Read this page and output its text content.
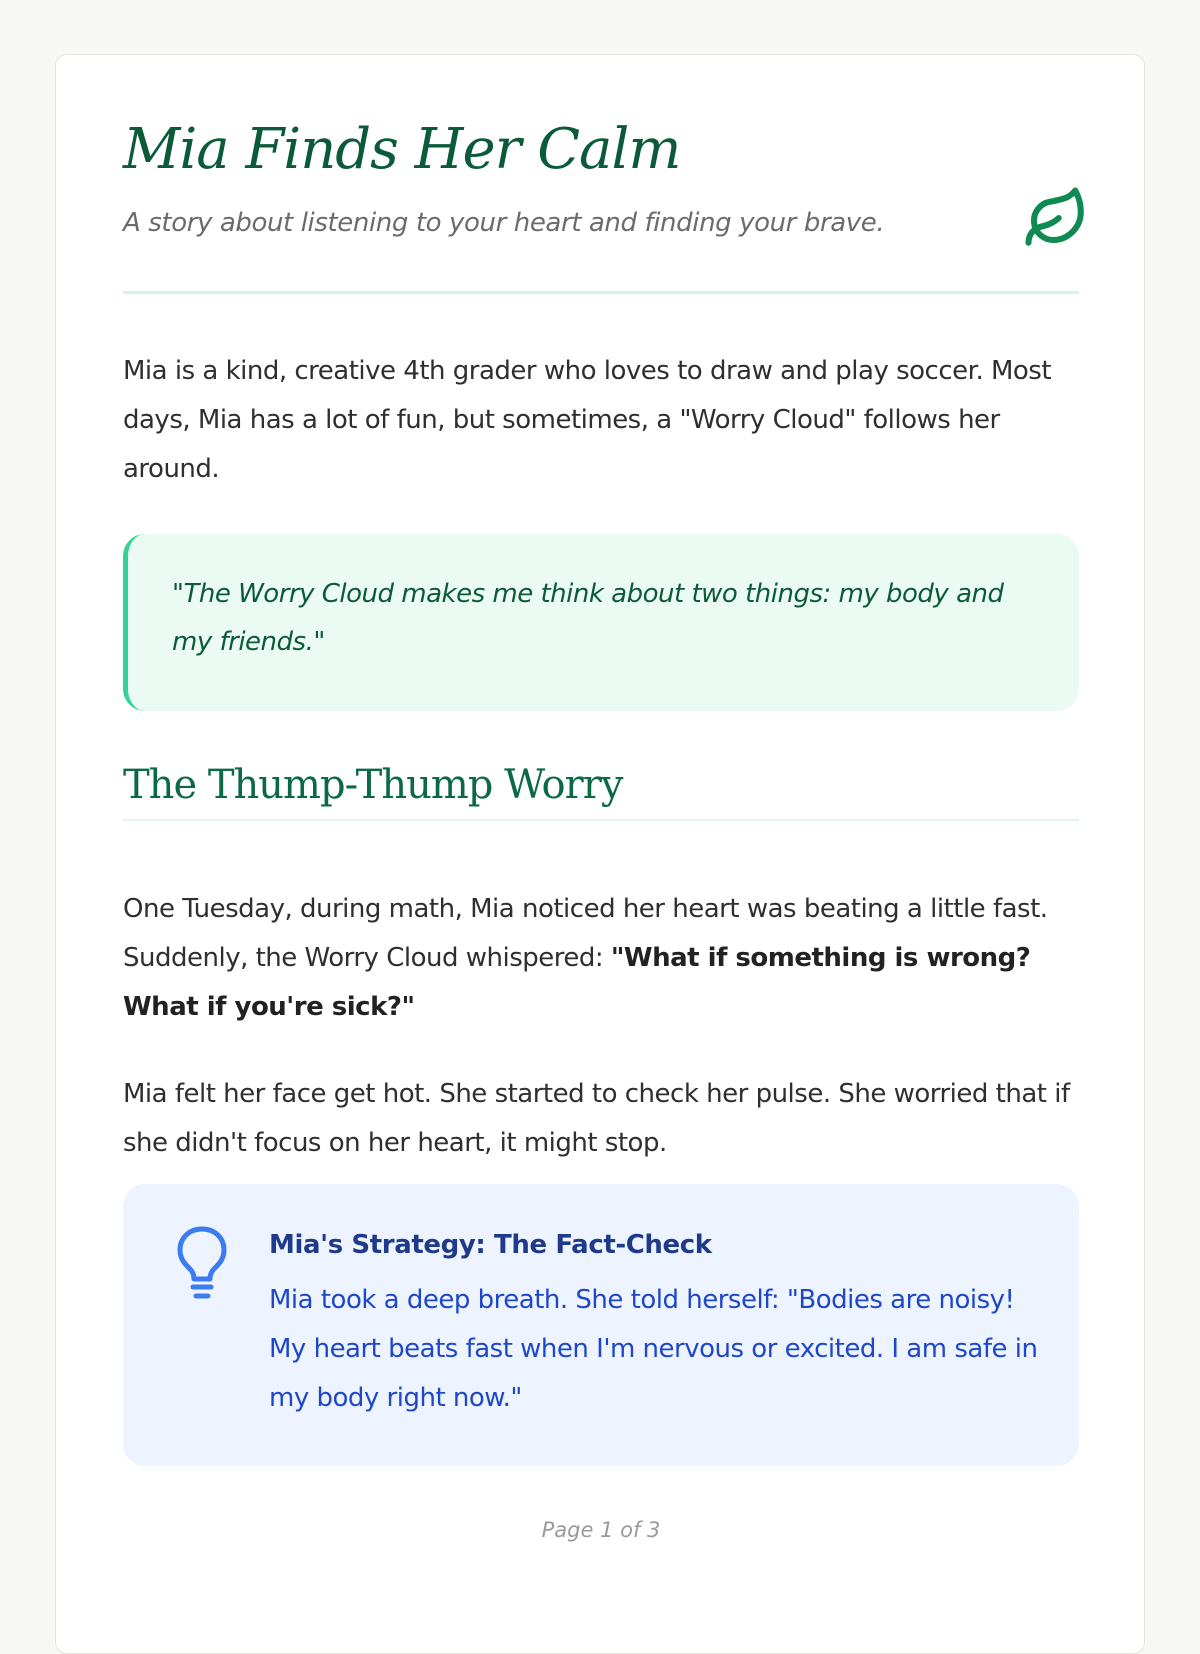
Mia Finds Her Calm

A story about listening to your heart and finding your brave.

Mia is a kind, creative 4th grader who loves to draw and play soccer. Most days, Mia has a lot of fun, but sometimes, a "Worry Cloud" follows her around.

"The Worry Cloud makes me think about two things: my body and my friends."

The Thump-Thump Worry

One Tuesday, during math, Mia noticed her heart was beating a little fast. Suddenly, the Worry Cloud whispered: "What if something is wrong? What if you're sick?"

Mia felt her face get hot. She started to check her pulse. She worried that if she didn't focus on her heart, it might stop.

Mia's Strategy: The Fact-Check

Mia took a deep breath. She told herself: "Bodies are noisy! My heart beats fast when I'm nervous or excited. I am safe in my body right now."

Page 1 of 3
